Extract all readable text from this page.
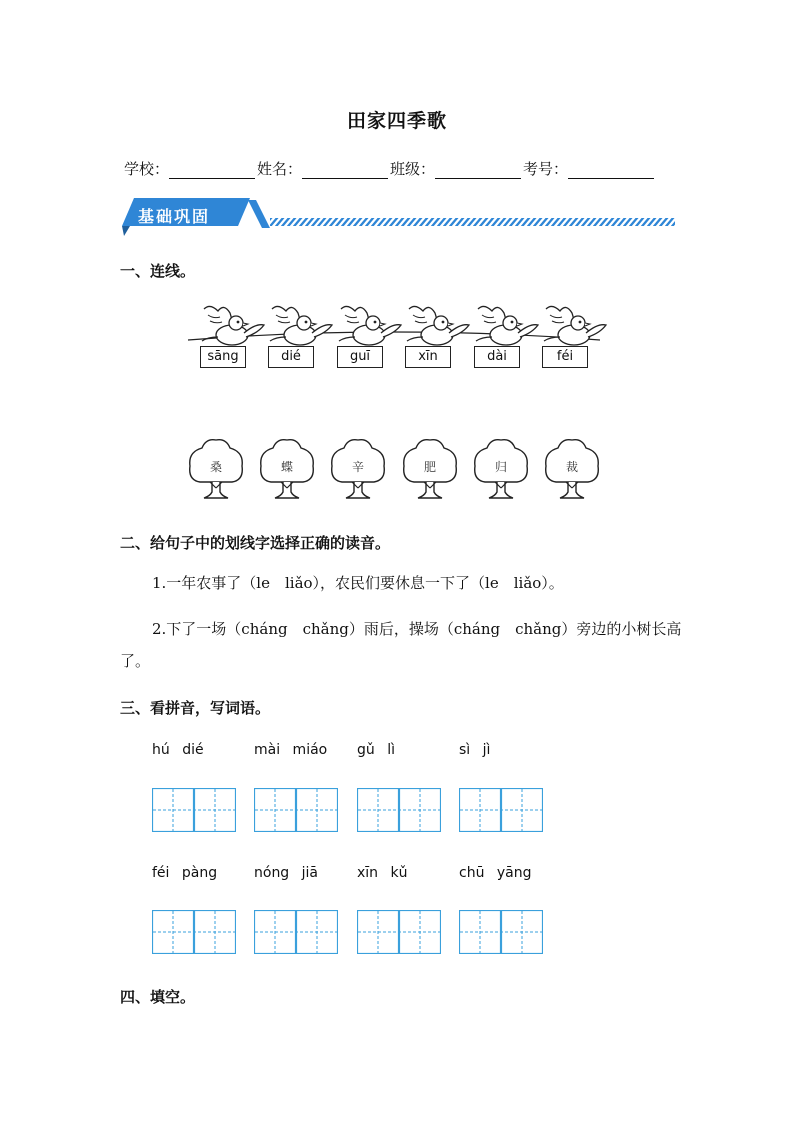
田家四季歌
学校：	姓名：	班级：	考号：
基础巩固
一、连线。
sāng	dié	guī	xīn	dài	féi
桑	蝶	辛	肥	归	裁
二、给句子中的划线字选择正确的读音。
1.一年农事了（le　liǎo），农民们要休息一下了（le　liǎo）。
2.下了一场（cháng　chǎng）雨后，操场（cháng　chǎng）旁边的小树长高
了。
三、看拼音，写词语。
hú dié	mài miáo gǔ lì	sì jì
féi pàng	nóng jiā	xīn kǔ	chū yāng
四、填空。
